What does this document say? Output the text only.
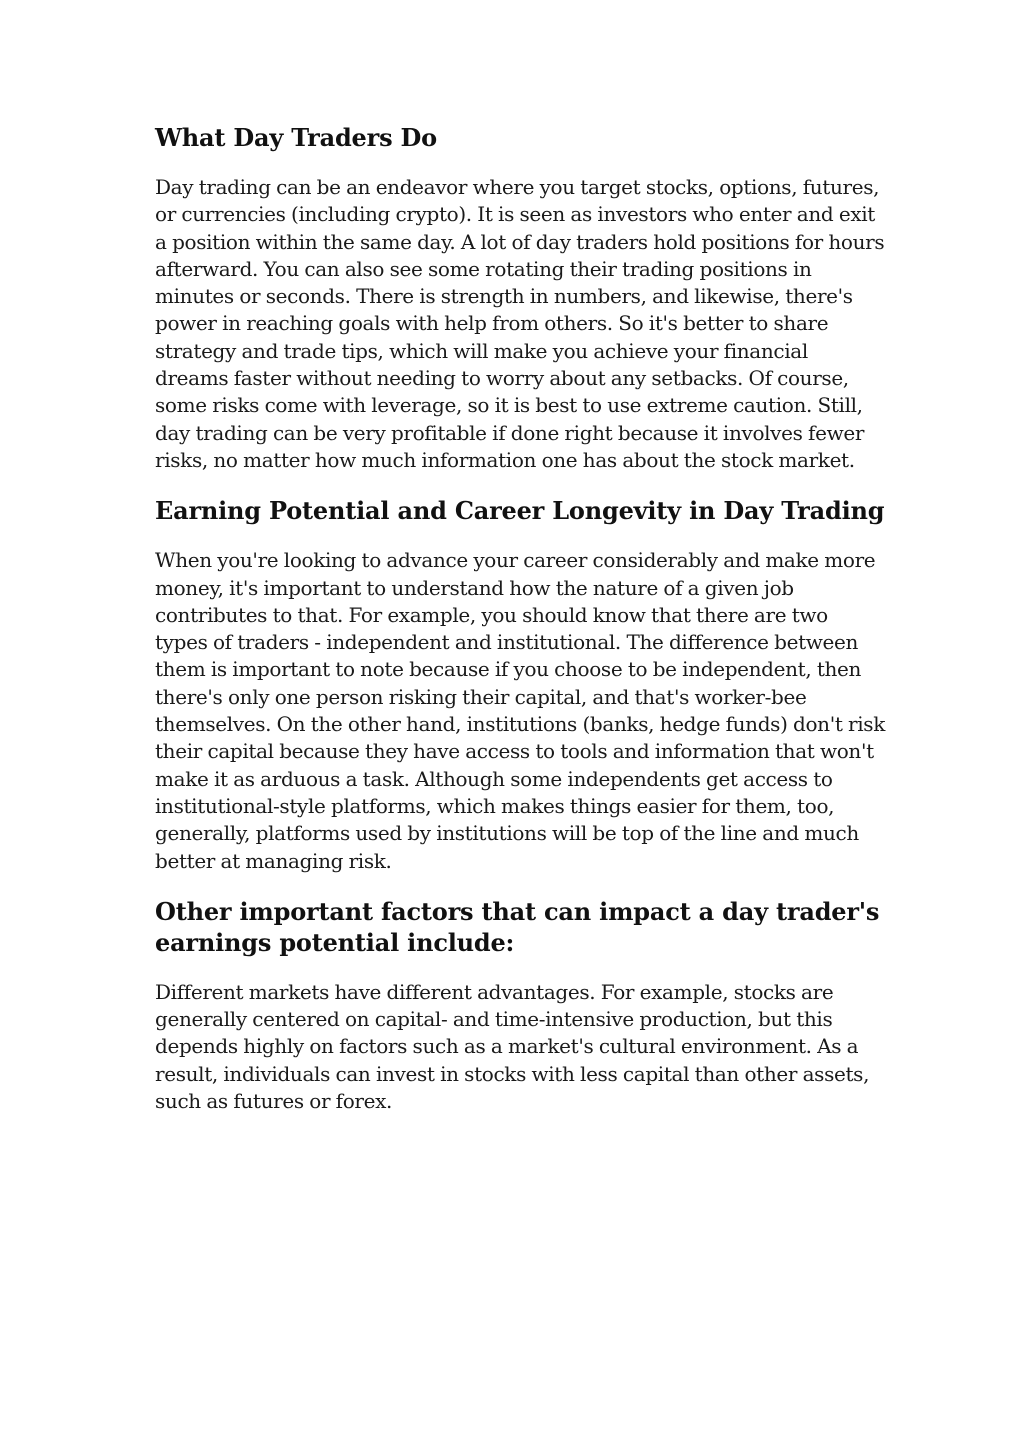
What Day Traders Do

Day trading can be an endeavor where you target stocks, options, futures, or currencies (including crypto). It is seen as investors who enter and exit a position within the same day. A lot of day traders hold positions for hours afterward. You can also see some rotating their trading positions in minutes or seconds. There is strength in numbers, and likewise, there's power in reaching goals with help from others. So it's better to share strategy and trade tips, which will make you achieve your financial dreams faster without needing to worry about any setbacks. Of course, some risks come with leverage, so it is best to use extreme caution. Still, day trading can be very profitable if done right because it involves fewer risks, no matter how much information one has about the stock market.

Earning Potential and Career Longevity in Day Trading

When you're looking to advance your career considerably and make more money, it's important to understand how the nature of a given job contributes to that. For example, you should know that there are two types of traders - independent and institutional. The difference between them is important to note because if you choose to be independent, then there's only one person risking their capital, and that's worker-bee themselves. On the other hand, institutions (banks, hedge funds) don't risk their capital because they have access to tools and information that won't make it as arduous a task. Although some independents get access to institutional-style platforms, which makes things easier for them, too, generally, platforms used by institutions will be top of the line and much better at managing risk.

Other important factors that can impact a day trader's earnings potential include:

Different markets have different advantages. For example, stocks are generally centered on capital- and time-intensive production, but this depends highly on factors such as a market's cultural environment. As a result, individuals can invest in stocks with less capital than other assets, such as futures or forex.
